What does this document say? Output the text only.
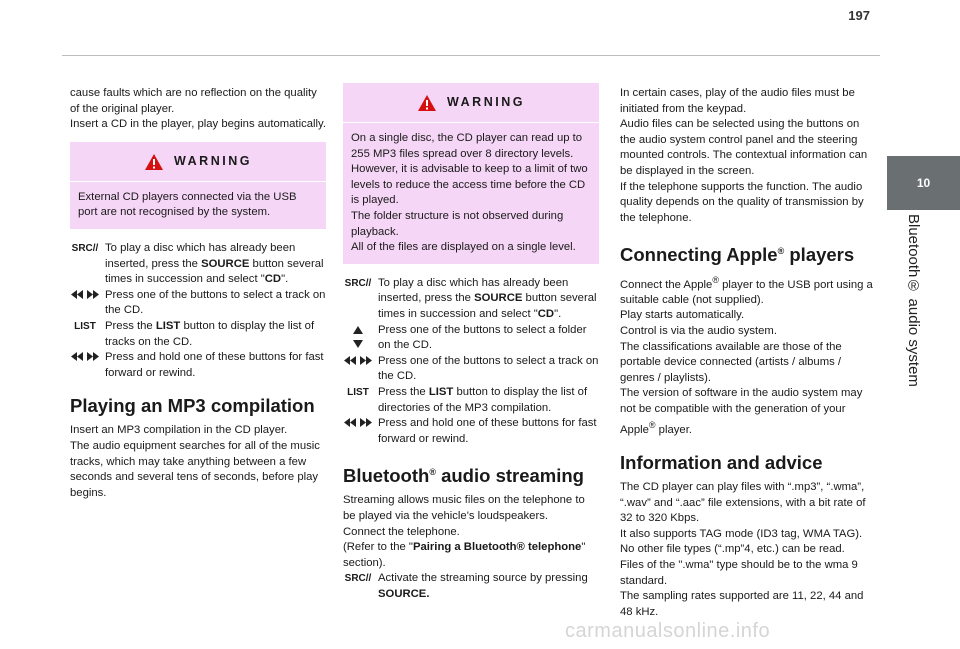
197
10
Bluetooth® audio system

cause faults which are no reflection on the quality of the original player.

Insert a CD in the player, play begins automatically.

WARNING

External CD players connected via the USB port are not recognised by the system.

SRC// To play a disc which has already been inserted, press the SOURCE button several times in succession and select "CD".
Press one of the buttons to select a track on the CD.
LIST Press the LIST button to display the list of tracks on the CD.
Press and hold one of these buttons for fast forward or rewind.
Playing an MP3 compilation

Insert an MP3 compilation in the CD player.

The audio equipment searches for all of the music tracks, which may take anything between a few seconds and several tens of seconds, before play begins.

WARNING

On a single disc, the CD player can read up to 255 MP3 files spread over 8 directory levels.

However, it is advisable to keep to a limit of two levels to reduce the access time before the CD is played.

The folder structure is not observed during playback.

All of the files are displayed on a single level.

SRC// To play a disc which has already been inserted, press the SOURCE button several times in succession and select "CD".
Press one of the buttons to select a folder on the CD.
Press one of the buttons to select a track on the CD.
LIST Press the LIST button to display the list of directories of the MP3 compilation.
Press and hold one of these buttons for fast forward or rewind.
Bluetooth® audio streaming

Streaming allows music files on the telephone to be played via the vehicle's loudspeakers.

Connect the telephone.

(Refer to the "Pairing a Bluetooth® telephone" section).

SRC// Activate the streaming source by pressing SOURCE.

In certain cases, play of the audio files must be initiated from the keypad.

Audio files can be selected using the buttons on the audio system control panel and the steering mounted controls. The contextual information can be displayed in the screen.

If the telephone supports the function. The audio quality depends on the quality of transmission by the telephone.

Connecting Apple® players

Connect the Apple® player to the USB port using a suitable cable (not supplied).

Play starts automatically.

Control is via the audio system.

The classifications available are those of the portable device connected (artists / albums / genres / playlists).

The version of software in the audio system may not be compatible with the generation of your Apple® player.

Information and advice

The CD player can play files with “.mp3”, “.wma”, “.wav” and “.aac” file extensions, with a bit rate of 32 to 320 Kbps.

It also supports TAG mode (ID3 tag, WMA TAG).

No other file types (“.mp”4, etc.) can be read.

Files of the ".wma" type should be to the wma 9 standard.

The sampling rates supported are 11, 22, 44 and 48 kHz.

carmanualsonline.info
